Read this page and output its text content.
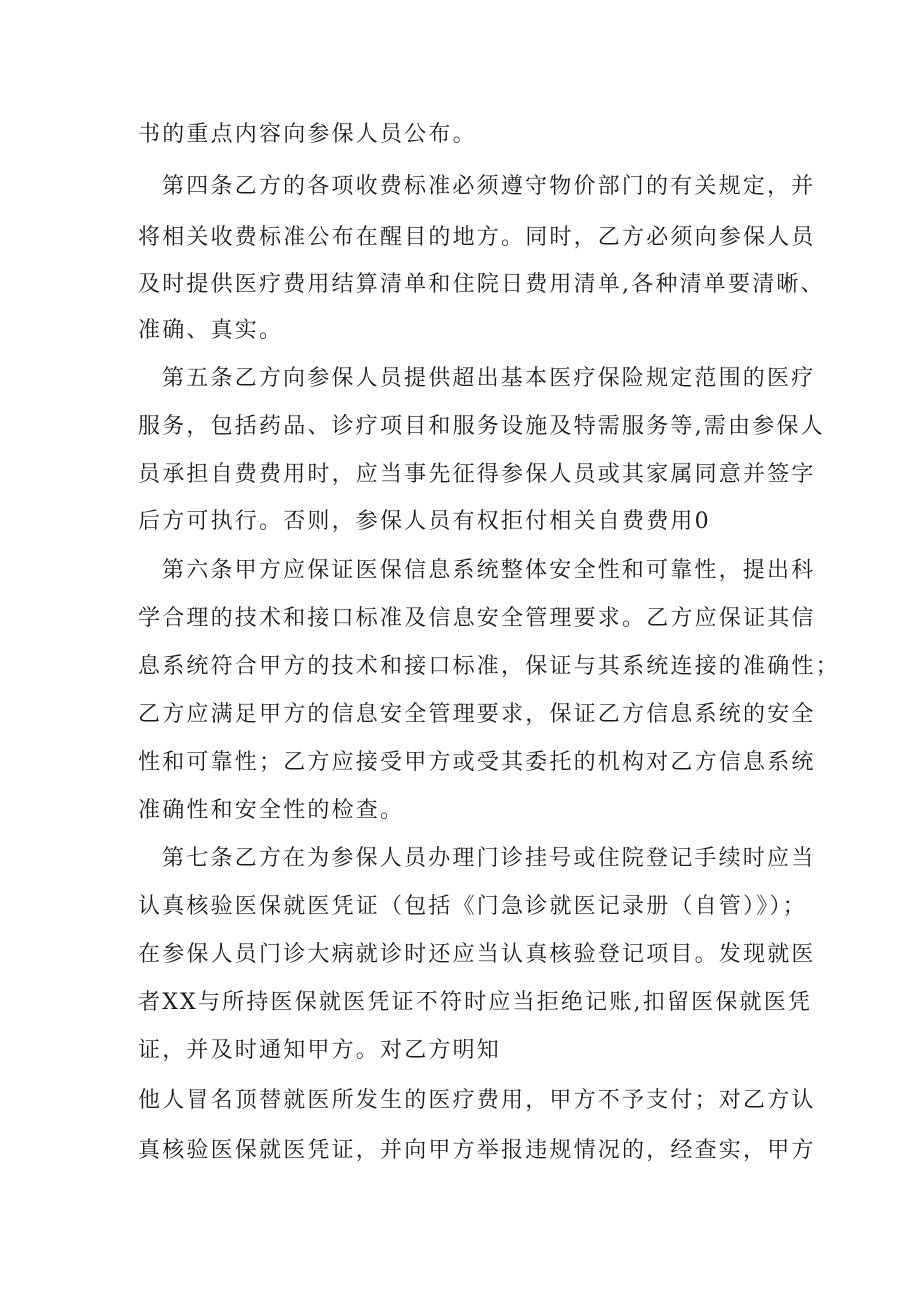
书的重点内容向参保人员公布。
第四条乙方的各项收费标准必须遵守物价部门的有关规定，并
将相关收费标准公布在醒目的地方。同时，乙方必须向参保人员
及时提供医疗费用结算清单和住院日费用清单,各种清单要清晰、
准确、真实。
第五条乙方向参保人员提供超出基本医疗保险规定范围的医疗
服务，包括药品、诊疗项目和服务设施及特需服务等,需由参保人
员承担自费费用时，应当事先征得参保人员或其家属同意并签字
后方可执行。否则，参保人员有权拒付相关自费费用0
第六条甲方应保证医保信息系统整体安全性和可靠性，提出科
学合理的技术和接口标准及信息安全管理要求。乙方应保证其信
息系统符合甲方的技术和接口标准，保证与其系统连接的准确性；
乙方应满足甲方的信息安全管理要求，保证乙方信息系统的安全
性和可靠性；乙方应接受甲方或受其委托的机构对乙方信息系统
准确性和安全性的检查。
第七条乙方在为参保人员办理门诊挂号或住院登记手续时应当
认真核验医保就医凭证（包括《门急诊就医记录册（自管）》）；
在参保人员门诊大病就诊时还应当认真核验登记项目。发现就医
者XX与所持医保就医凭证不符时应当拒绝记账,扣留医保就医凭
证，并及时通知甲方。对乙方明知
他人冒名顶替就医所发生的医疗费用，甲方不予支付；对乙方认
真核验医保就医凭证，并向甲方举报违规情况的，经查实，甲方
